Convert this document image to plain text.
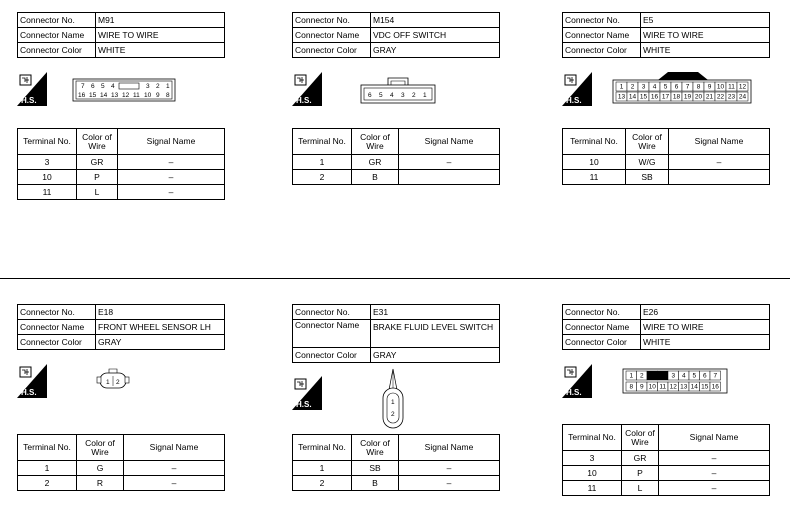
Connector No.	M91
Connector Name	WIRE TO WIRE
Connector Color	WHITE
H.S.
7 6 5 4	3 2 1
16 15 14 13 12 11 10 9 8
Terminal No.	Color of
Wire	Signal Name
3	GR	–
10	P	–
11	L	–
Connector No.	M154
Connector Name	VDC OFF SWITCH
Connector Color	GRAY
H.S.
6 5 4 3 2 1
Terminal No.	Color of
Wire	Signal Name
1	GR	–
2	B	
Connector No.	E5
Connector Name	WIRE TO WIRE
Connector Color	WHITE
H.S.
1 2 3 4 5 6 7 8 9 10 11 12
13 14 15 16 17 18 19 20 21 22 23 24
Terminal No.	Color of
Wire	Signal Name
10	W/G	–
11	SB	
Connector No.	E18
Connector Name	FRONT WHEEL SENSOR LH
Connector Color	GRAY
H.S.
1 2
Terminal No.	Color of
Wire	Signal Name
1	G	–
2	R	–
Connector No.	E31
Connector Name	BRAKE FLUID LEVEL SWITCH
Connector Color	GRAY
H.S.	1
2
Terminal No.	Color of
Wire	Signal Name
1	SB	–
2	B	–
Connector No.	E26
Connector Name	WIRE TO WIRE
Connector Color	WHITE
H.S.
1 2	3 4 5 6 7
8 9 10 11 12 13 14 15 16
Terminal No.	Color of
Wire	Signal Name
3	GR	–
10	P	–
11	L	–
